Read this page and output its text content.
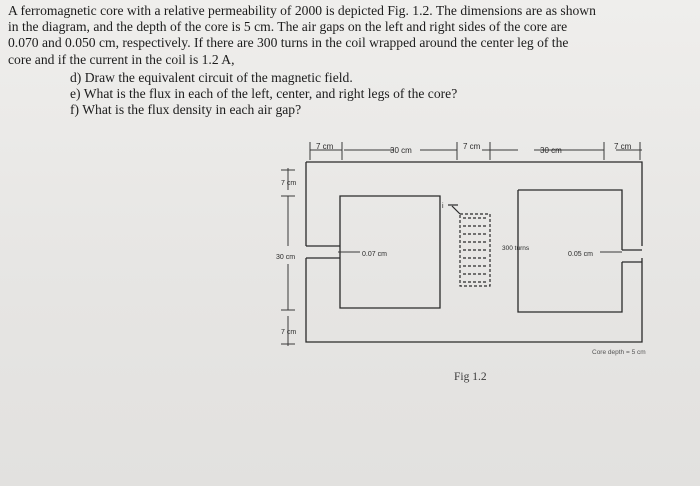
A ferromagnetic core with a relative permeability of 2000 is depicted Fig. 1.2. The dimensions are as shown

in the diagram, and the depth of the core is 5 cm. The air gaps on the left and right sides of the core are

0.070 and 0.050 cm, respectively. If there are 300 turns in the coil wrapped around the center leg of the

core and if the current in the coil is 1.2 A,

d) Draw the equivalent circuit of the magnetic field.
e) What is the flux in each of the left, center, and right legs of the core?
f) What is the flux density in each air gap?
7 cm	30 cm	7 cm	30 cm	7 cm
7 cm
30 cm
7 cm
0.07 cm	0.05 cm
300 turns
i
Core depth = 5 cm
Fig 1.2
